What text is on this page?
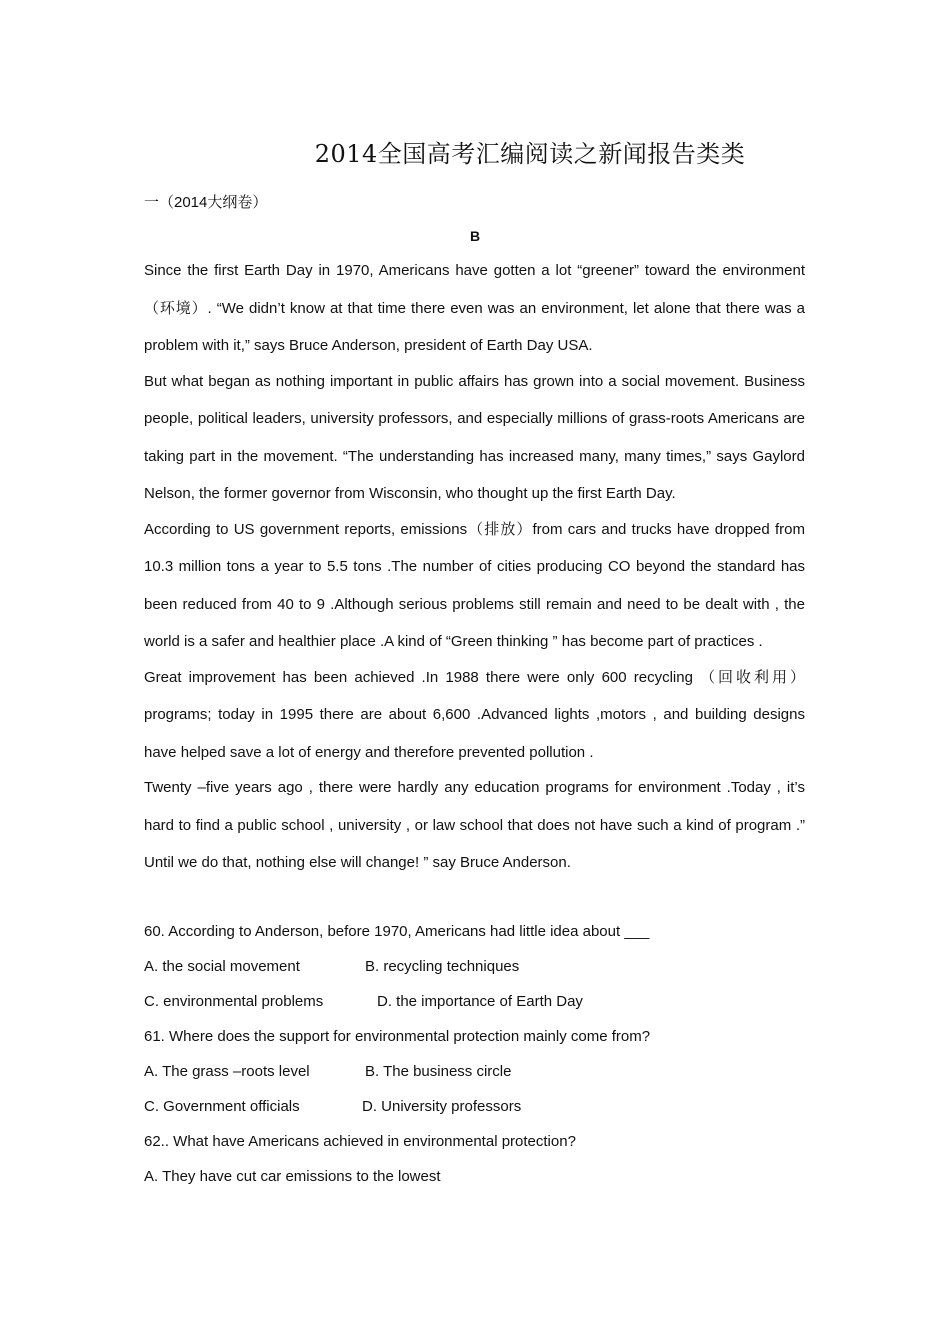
2014全国高考汇编阅读之新闻报告类类
一（2014大纲卷）
B

Since the first Earth Day in 1970, Americans have gotten a lot “greener” toward the environment（环境）. “We didn’t know at that time there even was an environment, let alone that there was a problem with it,” says Bruce Anderson, president of Earth Day USA.

But what began as nothing important in public affairs has grown into a social movement. Business people, political leaders, university professors, and especially millions of grass-roots Americans are taking part in the movement. “The understanding has increased many, many times,” says Gaylord Nelson, the former governor from Wisconsin, who thought up the first Earth Day.

According to US government reports, emissions（排放）from cars and trucks have dropped from 10.3 million tons a year to 5.5 tons .The number of cities producing CO beyond the standard has been reduced from 40 to 9 .Although serious problems still remain and need to be dealt with , the world is a safer and healthier place .A kind of “Green thinking ” has become part of practices .

Great improvement has been achieved .In 1988 there were only 600 recycling （回收利用） programs; today in 1995 there are about 6,600 .Advanced lights ,motors , and building designs have helped save a lot of energy and therefore prevented pollution .

Twenty –five years ago , there were hardly any education programs for environment .Today , it’s hard to find a public school , university , or law school that does not have such a kind of program .” Until we do that, nothing else will change! ” say Bruce Anderson.

60. According to Anderson, before 1970, Americans had little idea about ___
A. the social movement	B. recycling techniques
C. environmental problems	D. the importance of Earth Day
61. Where does the support for environmental protection mainly come from?
A. The grass –roots level	B. The business circle
C. Government officials	D. University professors
62.. What have Americans achieved in environmental protection?
A. They have cut car emissions to the lowest
